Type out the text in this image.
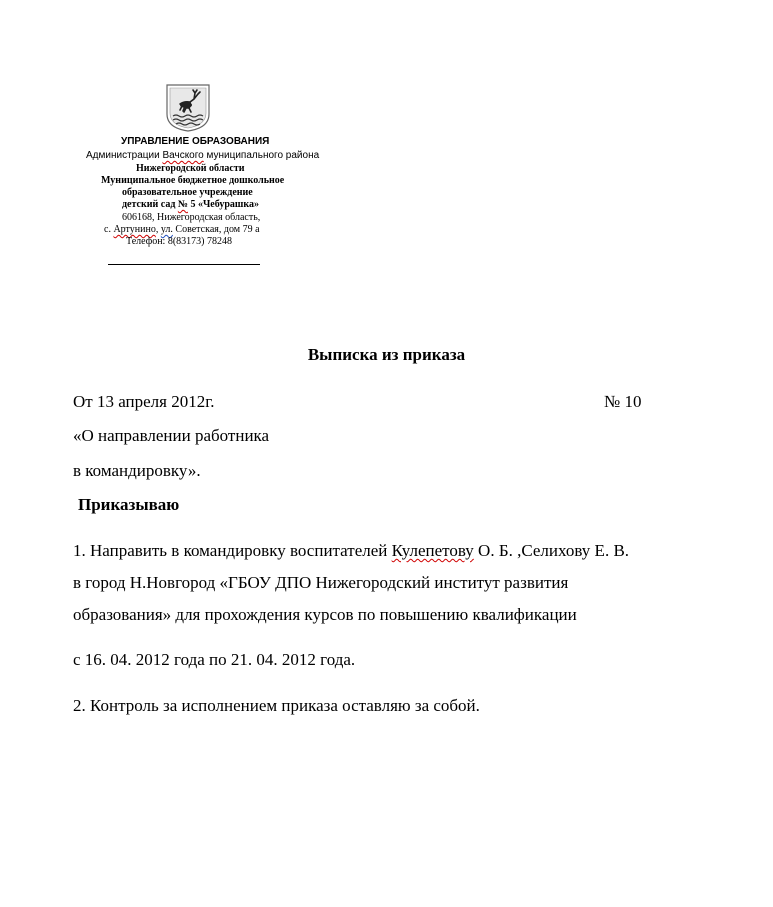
УПРАВЛЕНИЕ ОБРАЗОВАНИЯ
Администрации Вачского муниципального района
Нижегородской области
Муниципальное бюджетное дошкольное
образовательное учреждение
детский сад № 5 «Чебурашка»
606168, Нижегородская область,
с. Артунино, ул. Советская, дом 79 а
Телефон: 8(83173) 78248
Выписка из приказа
От 13 апреля 2012г.	№ 10
«О направлении работника
в командировку».
Приказываю
1. Направить в командировку воспитателей Кулепетову О. Б. ,Селихову Е. В.
в город Н.Новгород «ГБОУ ДПО Нижегородский институт развития
образования» для прохождения курсов по повышению квалификации
с 16. 04. 2012 года по 21. 04. 2012 года.
2. Контроль за исполнением приказа оставляю за собой.
